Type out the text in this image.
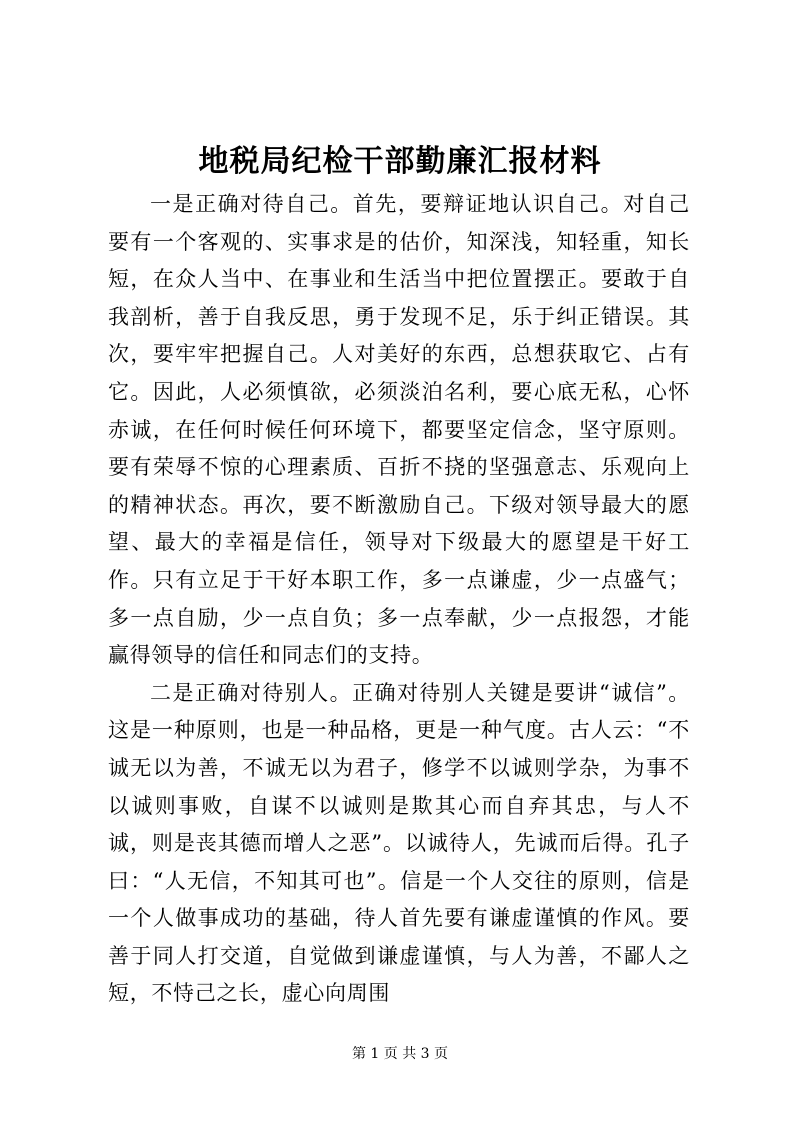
地税局纪检干部勤廉汇报材料

一是正确对待自己。首先，要辩证地认识自己。对自己要有一个客观的、实事求是的估价，知深浅，知轻重，知长短，在众人当中、在事业和生活当中把位置摆正。要敢于自我剖析，善于自我反思，勇于发现不足，乐于纠正错误。其次，要牢牢把握自己。人对美好的东西，总想获取它、占有它。因此，人必须慎欲，必须淡泊名利，要心底无私，心怀赤诚，在任何时候任何环境下，都要坚定信念，坚守原则。要有荣辱不惊的心理素质、百折不挠的坚强意志、乐观向上的精神状态。再次，要不断激励自己。下级对领导最大的愿望、最大的幸福是信任，领导对下级最大的愿望是干好工作。只有立足于干好本职工作，多一点谦虚，少一点盛气；多一点自励，少一点自负；多一点奉献，少一点报怨，才能赢得领导的信任和同志们的支持。

二是正确对待别人。正确对待别人关键是要讲“诚信”。这是一种原则，也是一种品格，更是一种气度。古人云：“不诚无以为善，不诚无以为君子，修学不以诚则学杂，为事不以诚则事败，自谋不以诚则是欺其心而自弃其忠，与人不诚，则是丧其德而增人之恶”。以诚待人，先诚而后得。孔子曰：“人无信，不知其可也”。信是一个人交往的原则，信是一个人做事成功的基础，待人首先要有谦虚谨慎的作风。要善于同人打交道，自觉做到谦虚谨慎，与人为善，不鄙人之短，不恃己之长，虚心向周围

第 1 页 共 3 页
